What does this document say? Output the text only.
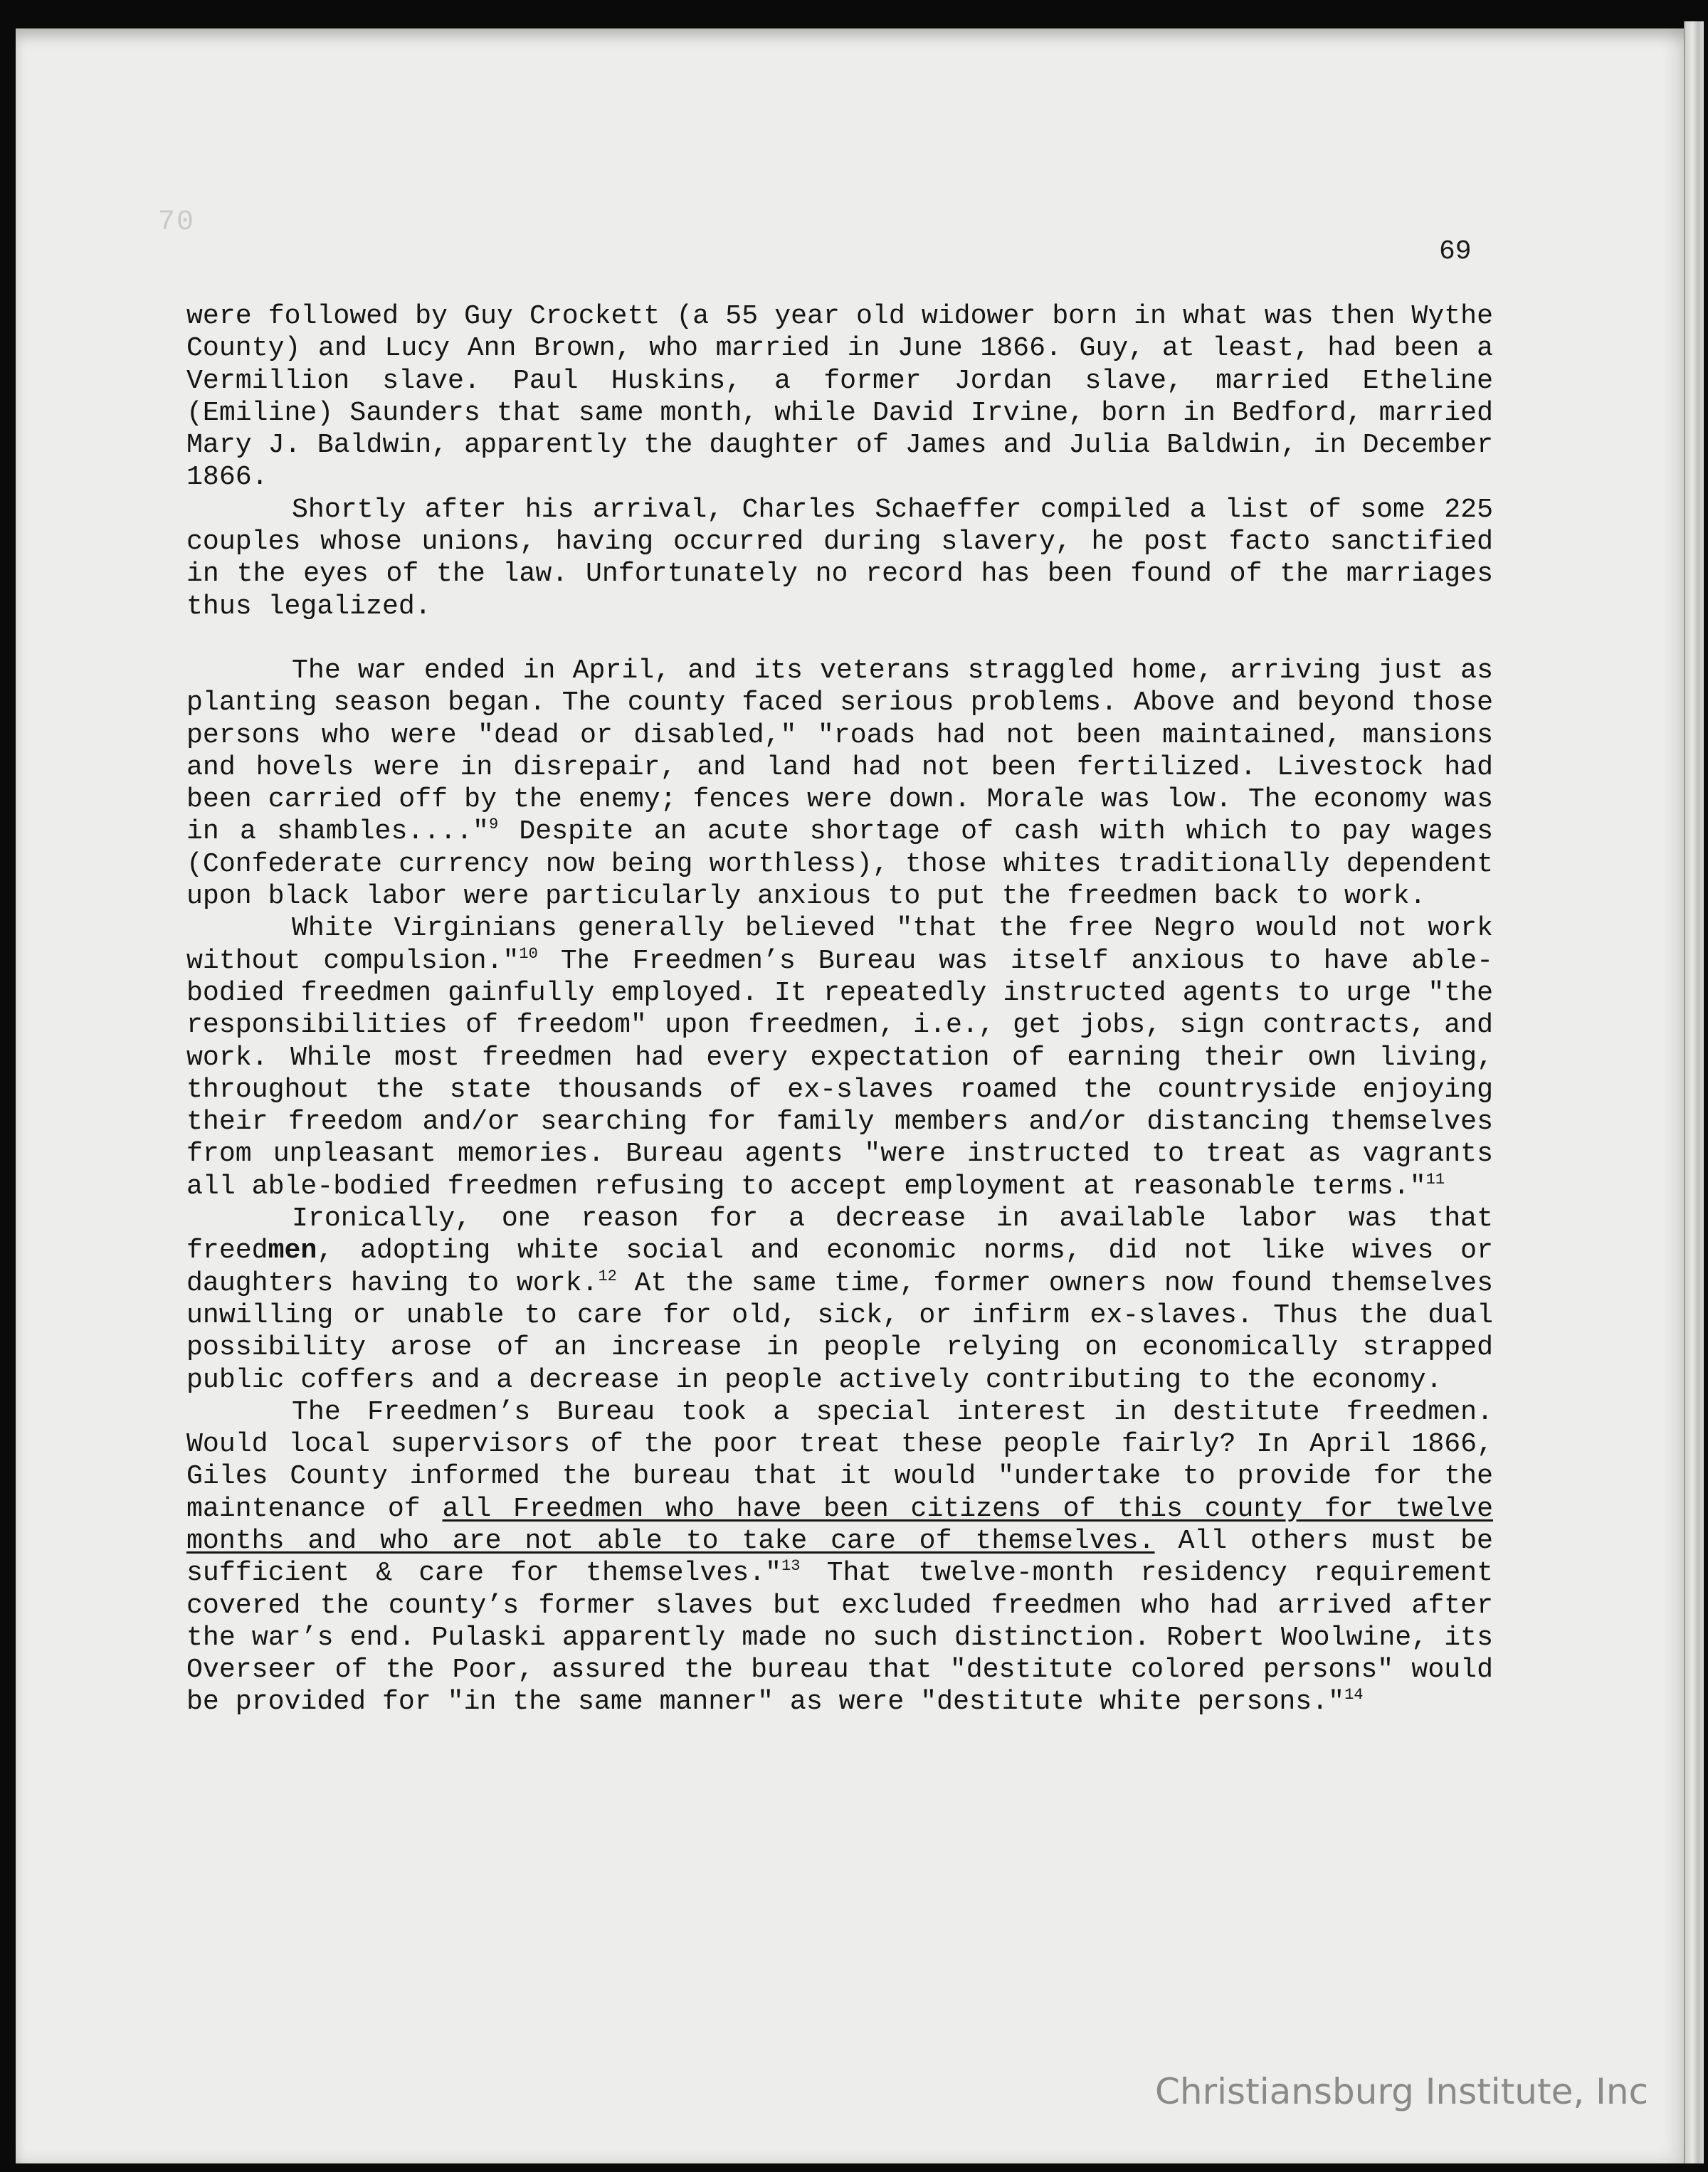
70
69

were followed by Guy Crockett (a 55 year old widower born in what was then Wythe County) and Lucy Ann Brown, who married in June 1866. Guy, at least, had been a Vermillion slave. Paul Huskins, a former Jordan slave, married Etheline (Emiline) Saunders that same month, while David Irvine, born in Bedford, married Mary J. Baldwin, apparently the daughter of James and Julia Baldwin, in December 1866.

Shortly after his arrival, Charles Schaeffer compiled a list of some 225 couples whose unions, having occurred during slavery, he post facto sanctified in the eyes of the law. Unfortunately no record has been found of the marriages thus legalized.

The war ended in April, and its veterans straggled home, arriving just as planting season began. The county faced serious problems. Above and beyond those persons who were "dead or disabled," "roads had not been maintained, mansions and hovels were in disrepair, and land had not been fertilized. Livestock had been carried off by the enemy; fences were down. Morale was low. The economy was in a shambles...."$^9$ Despite an acute shortage of cash with which to pay wages (Confederate currency now being worthless), those whites traditionally dependent upon black labor were particularly anxious to put the freedmen back to work.

White Virginians generally believed "that the free Negro would not work without compulsion."$^{10}$ The Freedmen’s Bureau was itself anxious to have able-bodied freedmen gainfully employed. It repeatedly instructed agents to urge "the responsibilities of freedom" upon freedmen, i.e., get jobs, sign contracts, and work. While most freedmen had every expectation of earning their own living, throughout the state thousands of ex-slaves roamed the countryside enjoying their freedom and/or searching for family members and/or distancing themselves from unpleasant memories. Bureau agents "were instructed to treat as vagrants all able-bodied freedmen refusing to accept employment at reasonable terms."$^{11}$

Ironically, one reason for a decrease in available labor was that freedmen, adopting white social and economic norms, did not like wives or daughters having to work.$^{12}$ At the same time, former owners now found themselves unwilling or unable to care for old, sick, or infirm ex-slaves. Thus the dual possibility arose of an increase in people relying on economically strapped public coffers and a decrease in people actively contributing to the economy.

The Freedmen’s Bureau took a special interest in destitute freedmen. Would local supervisors of the poor treat these people fairly? In April 1866, Giles County informed the bureau that it would "undertake to provide for the maintenance of all Freedmen who have been citizens of this county for twelve months and who are not able to take care of themselves. All others must be sufficient & care for themselves."$^{13}$ That twelve-month residency requirement covered the county’s former slaves but excluded freedmen who had arrived after the war’s end. Pulaski apparently made no such distinction. Robert Woolwine, its Overseer of the Poor, assured the bureau that "destitute colored persons" would be provided for "in the same manner" as were "destitute white persons."$^{14}$

Christiansburg Institute, Inc
